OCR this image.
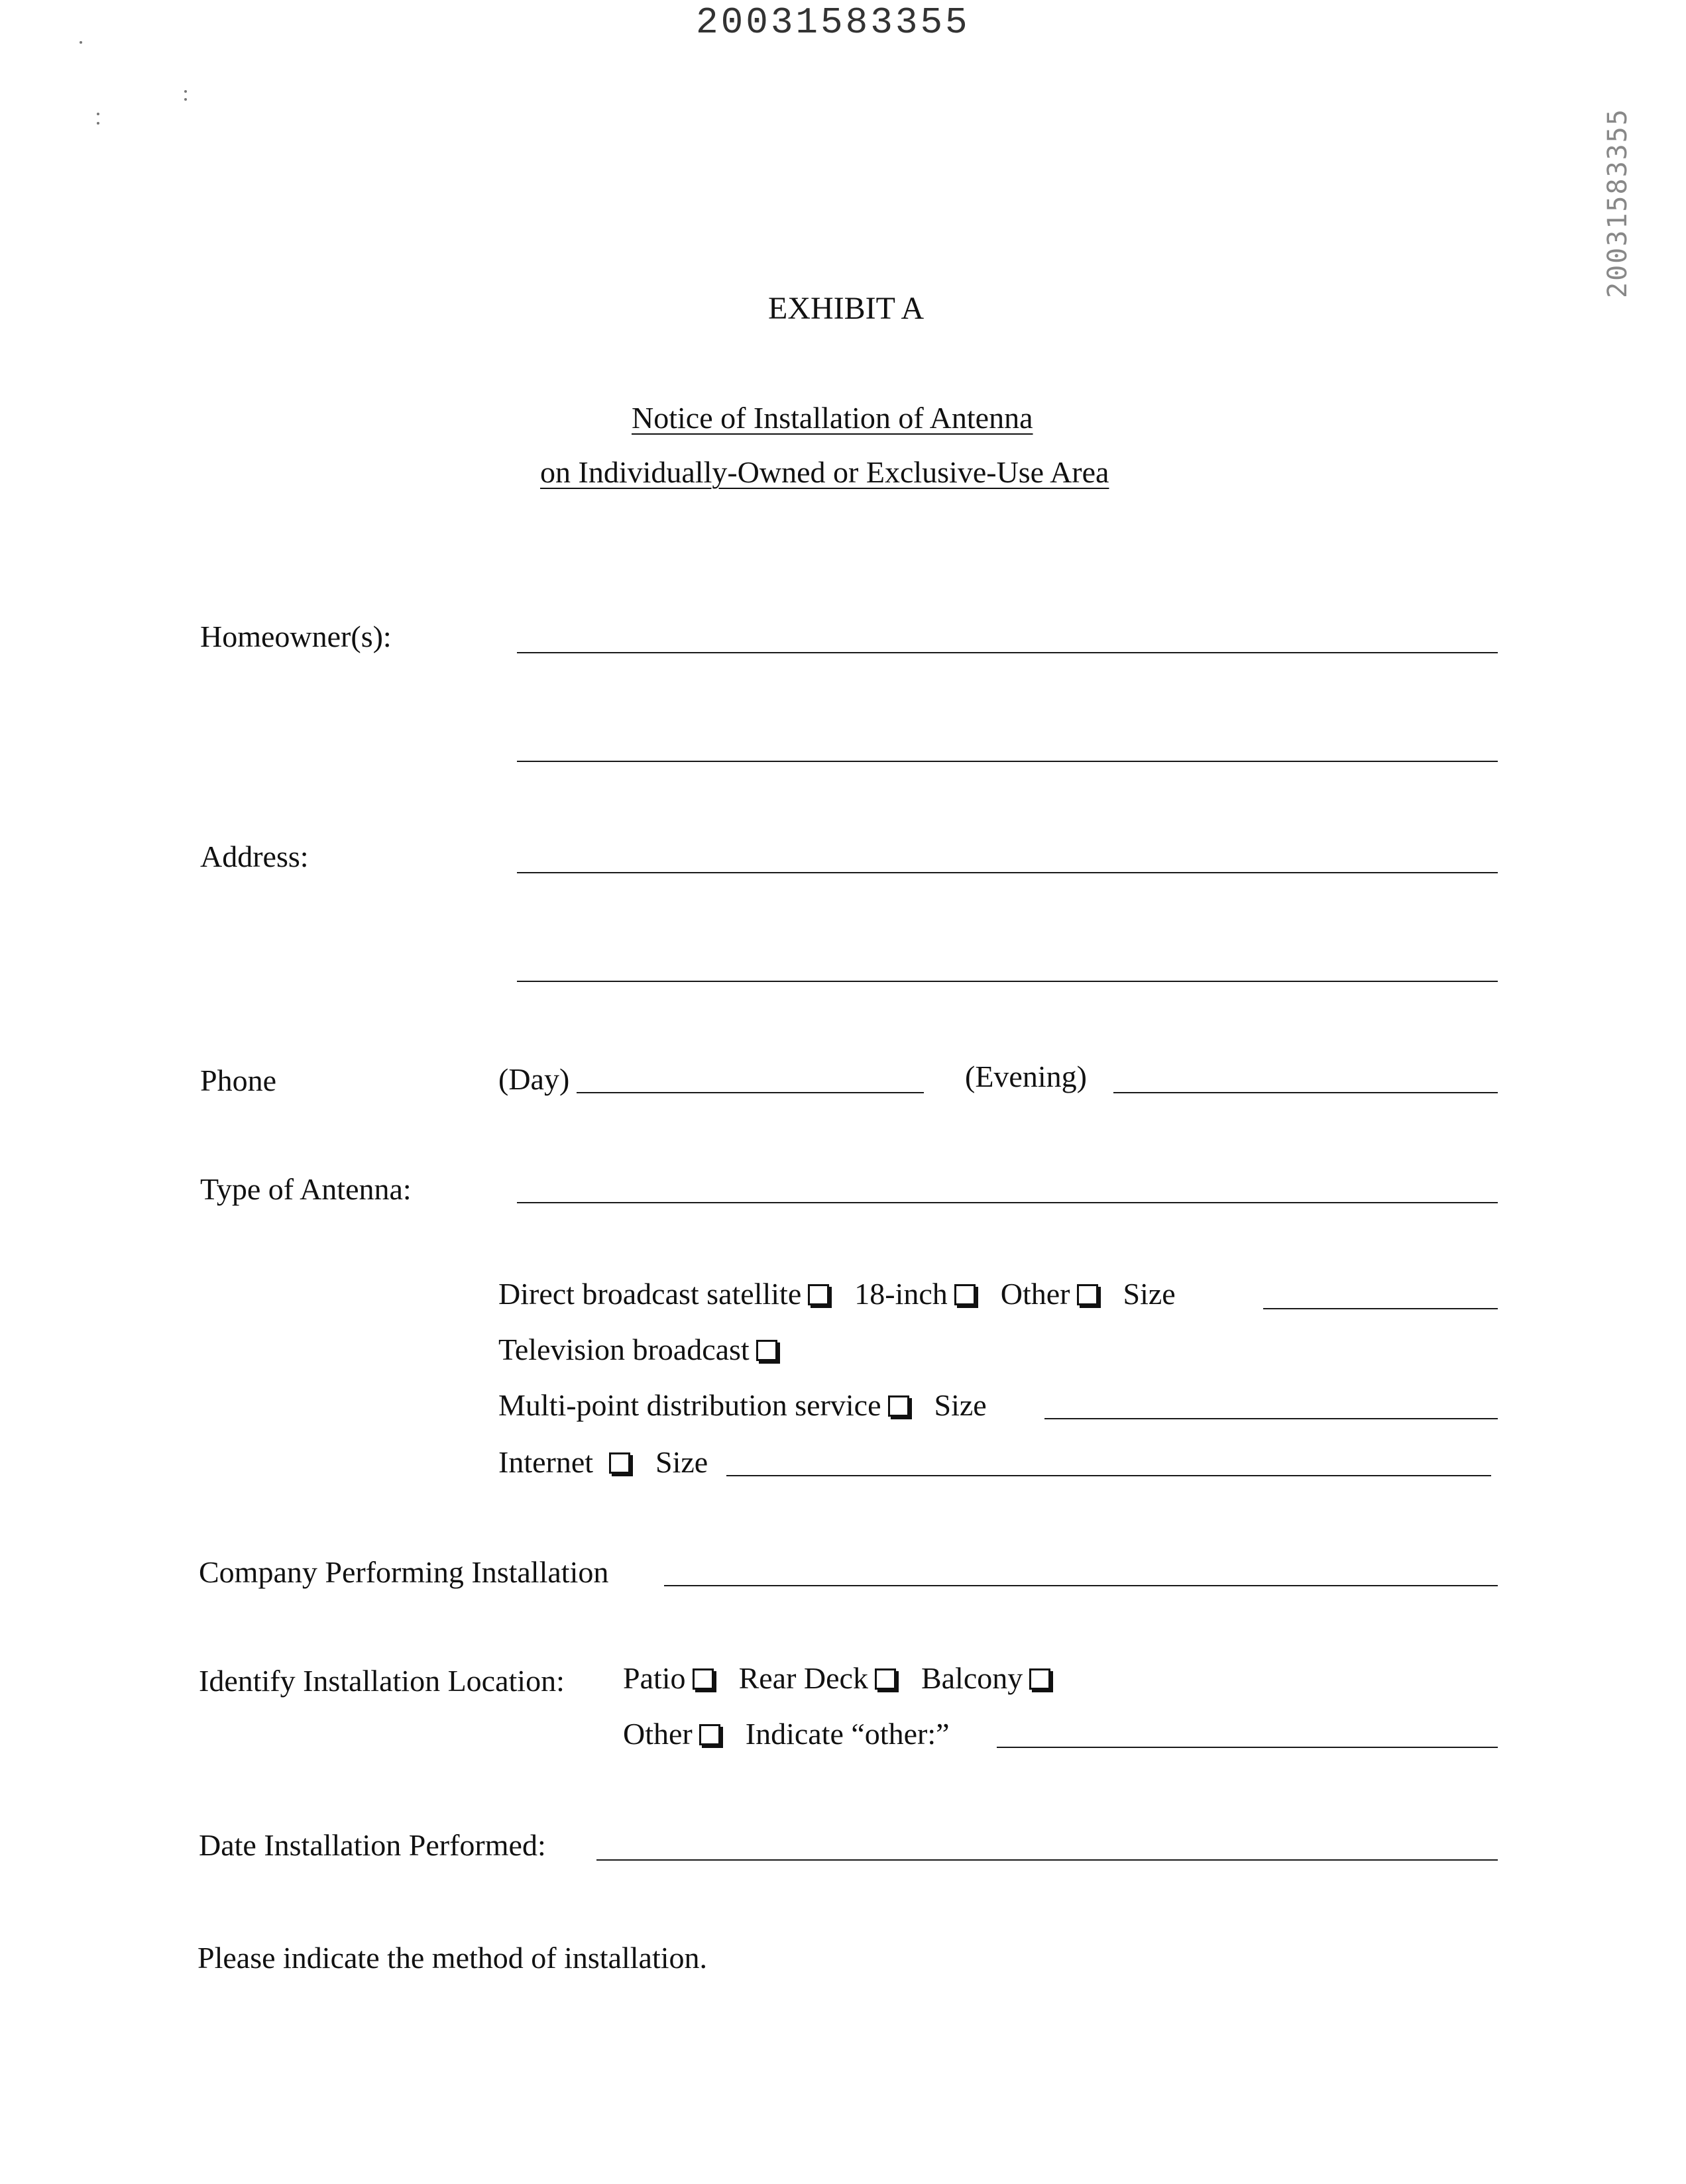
20031583355
20031583355
EXHIBIT A
Notice of Installation of Antenna
on Individually-Owned or Exclusive-Use Area
Homeowner(s):
Address:
Phone	(Day)	(Evening)
Type of Antenna:
Direct broadcast satellite 18-inch Other Size
Television broadcast
Multi-point distribution service Size
Internet Size
Company Performing Installation
Identify Installation Location: Patio Rear Deck Balcony
Other Indicate “other:”
Date Installation Performed:
Please indicate the method of installation.
